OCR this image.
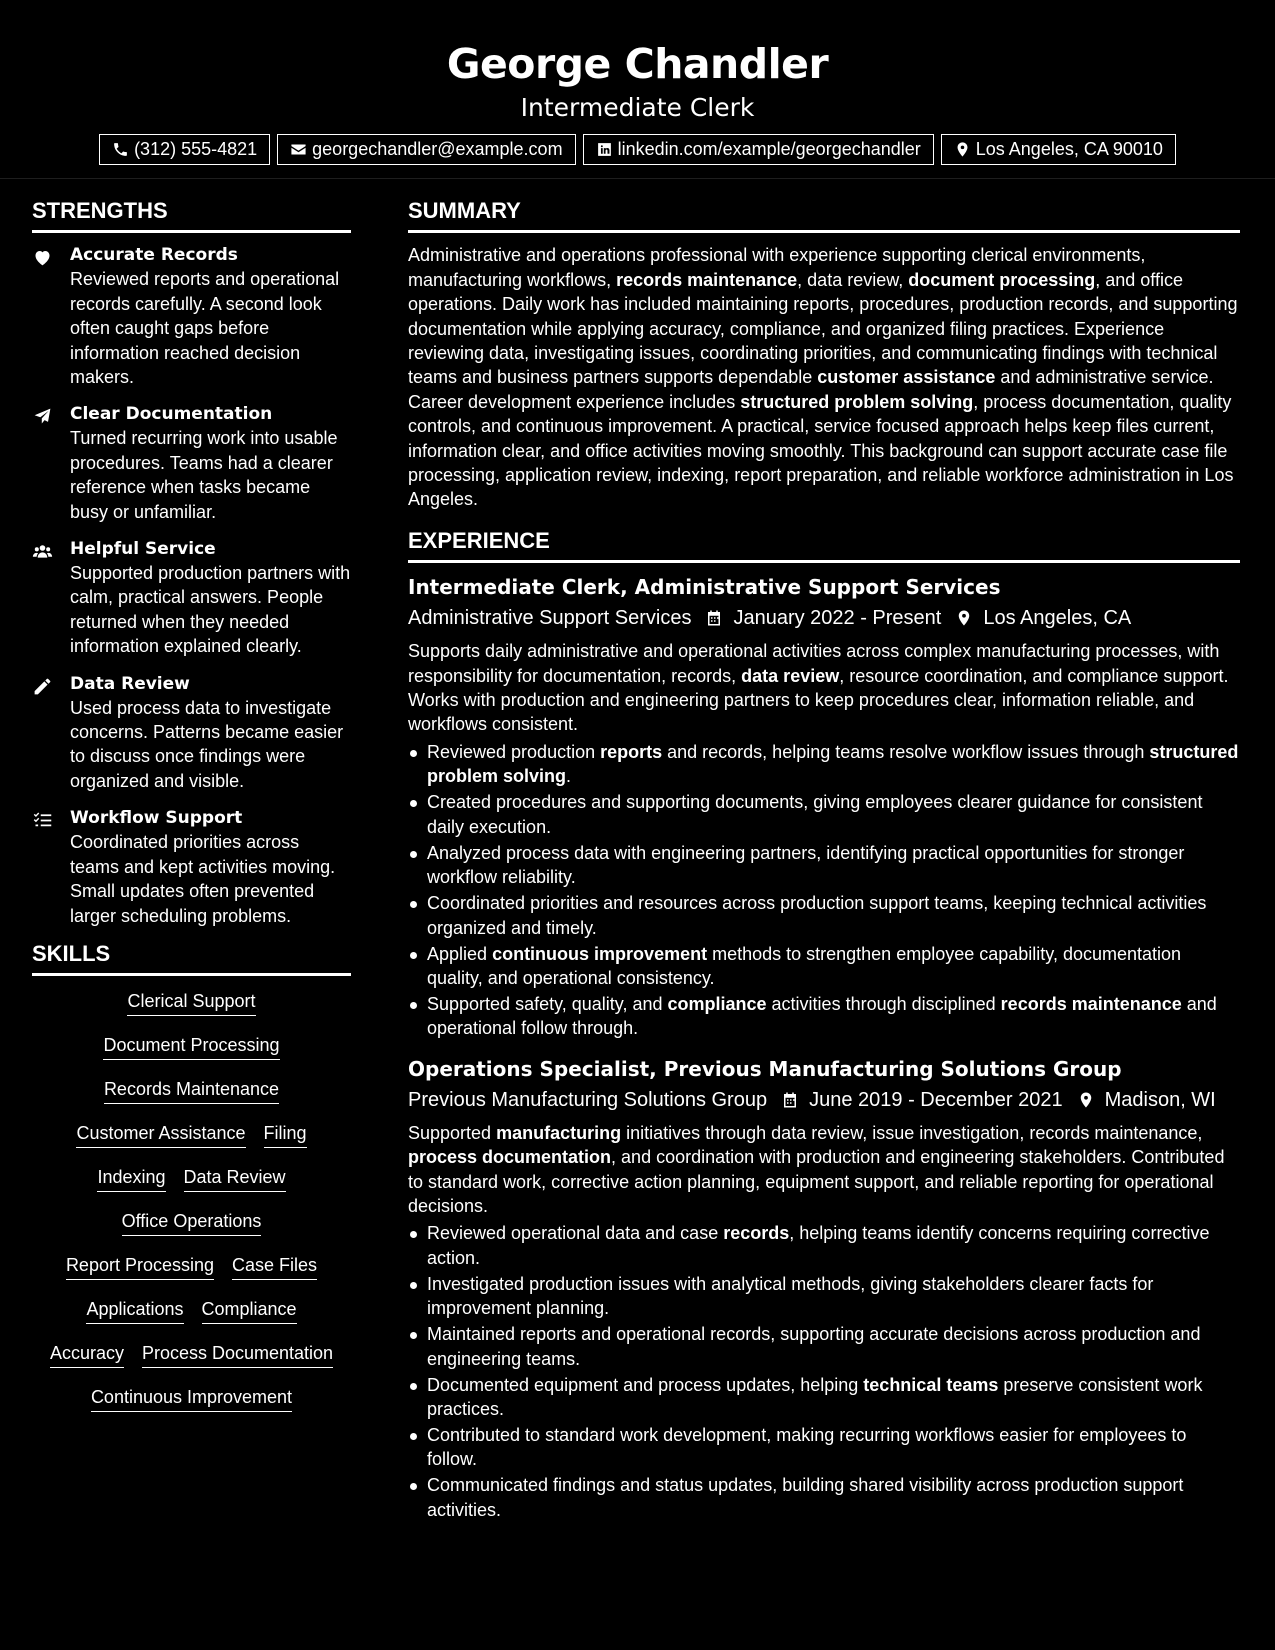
George Chandler
Intermediate Clerk
(312) 555-4821	georgechandler@example.com	linkedin.com/example/georgechandler	Los Angeles, CA 90010
STRENGTHS
Accurate Records
Reviewed reports and operational records carefully. A second look often caught gaps before information reached decision makers.
Clear Documentation
Turned recurring work into usable procedures. Teams had a clearer reference when tasks became busy or unfamiliar.
Helpful Service
Supported production partners with calm, practical answers. People returned when they needed information explained clearly.
Data Review
Used process data to investigate concerns. Patterns became easier to discuss once findings were organized and visible.
Workflow Support
Coordinated priorities across teams and kept activities moving. Small updates often prevented larger scheduling problems.
SKILLS
Clerical Support
Document Processing
Records Maintenance
Customer Assistance Filing
Indexing Data Review
Office Operations
Report Processing Case Files
Applications Compliance
Accuracy Process Documentation
Continuous Improvement
SUMMARY
Administrative and operations professional with experience supporting clerical environments, manufacturing workflows, records maintenance, data review, document processing, and office operations. Daily work has included maintaining reports, procedures, production records, and supporting documentation while applying accuracy, compliance, and organized filing practices. Experience reviewing data, investigating issues, coordinating priorities, and communicating findings with technical teams and business partners supports dependable customer assistance and administrative service. Career development experience includes structured problem solving, process documentation, quality controls, and continuous improvement. A practical, service focused approach helps keep files current, information clear, and office activities moving smoothly. This background can support accurate case file processing, application review, indexing, report preparation, and reliable workforce administration in Los Angeles.
EXPERIENCE
Intermediate Clerk, Administrative Support Services
Administrative Support Services January 2022 - Present Los Angeles, CA
Supports daily administrative and operational activities across complex manufacturing processes, with responsibility for documentation, records, data review, resource coordination, and compliance support. Works with production and engineering partners to keep procedures clear, information reliable, and workflows consistent.
Reviewed production reports and records, helping teams resolve workflow issues through structured problem solving.
Created procedures and supporting documents, giving employees clearer guidance for consistent daily execution.
Analyzed process data with engineering partners, identifying practical opportunities for stronger workflow reliability.
Coordinated priorities and resources across production support teams, keeping technical activities organized and timely.
Applied continuous improvement methods to strengthen employee capability, documentation quality, and operational consistency.
Supported safety, quality, and compliance activities through disciplined records maintenance and operational follow through.
Operations Specialist, Previous Manufacturing Solutions Group
Previous Manufacturing Solutions Group June 2019 - December 2021 Madison, WI
Supported manufacturing initiatives through data review, issue investigation, records maintenance, process documentation, and coordination with production and engineering stakeholders. Contributed to standard work, corrective action planning, equipment support, and reliable reporting for operational decisions.
Reviewed operational data and case records, helping teams identify concerns requiring corrective action.
Investigated production issues with analytical methods, giving stakeholders clearer facts for improvement planning.
Maintained reports and operational records, supporting accurate decisions across production and engineering teams.
Documented equipment and process updates, helping technical teams preserve consistent work practices.
Contributed to standard work development, making recurring workflows easier for employees to follow.
Communicated findings and status updates, building shared visibility across production support activities.
